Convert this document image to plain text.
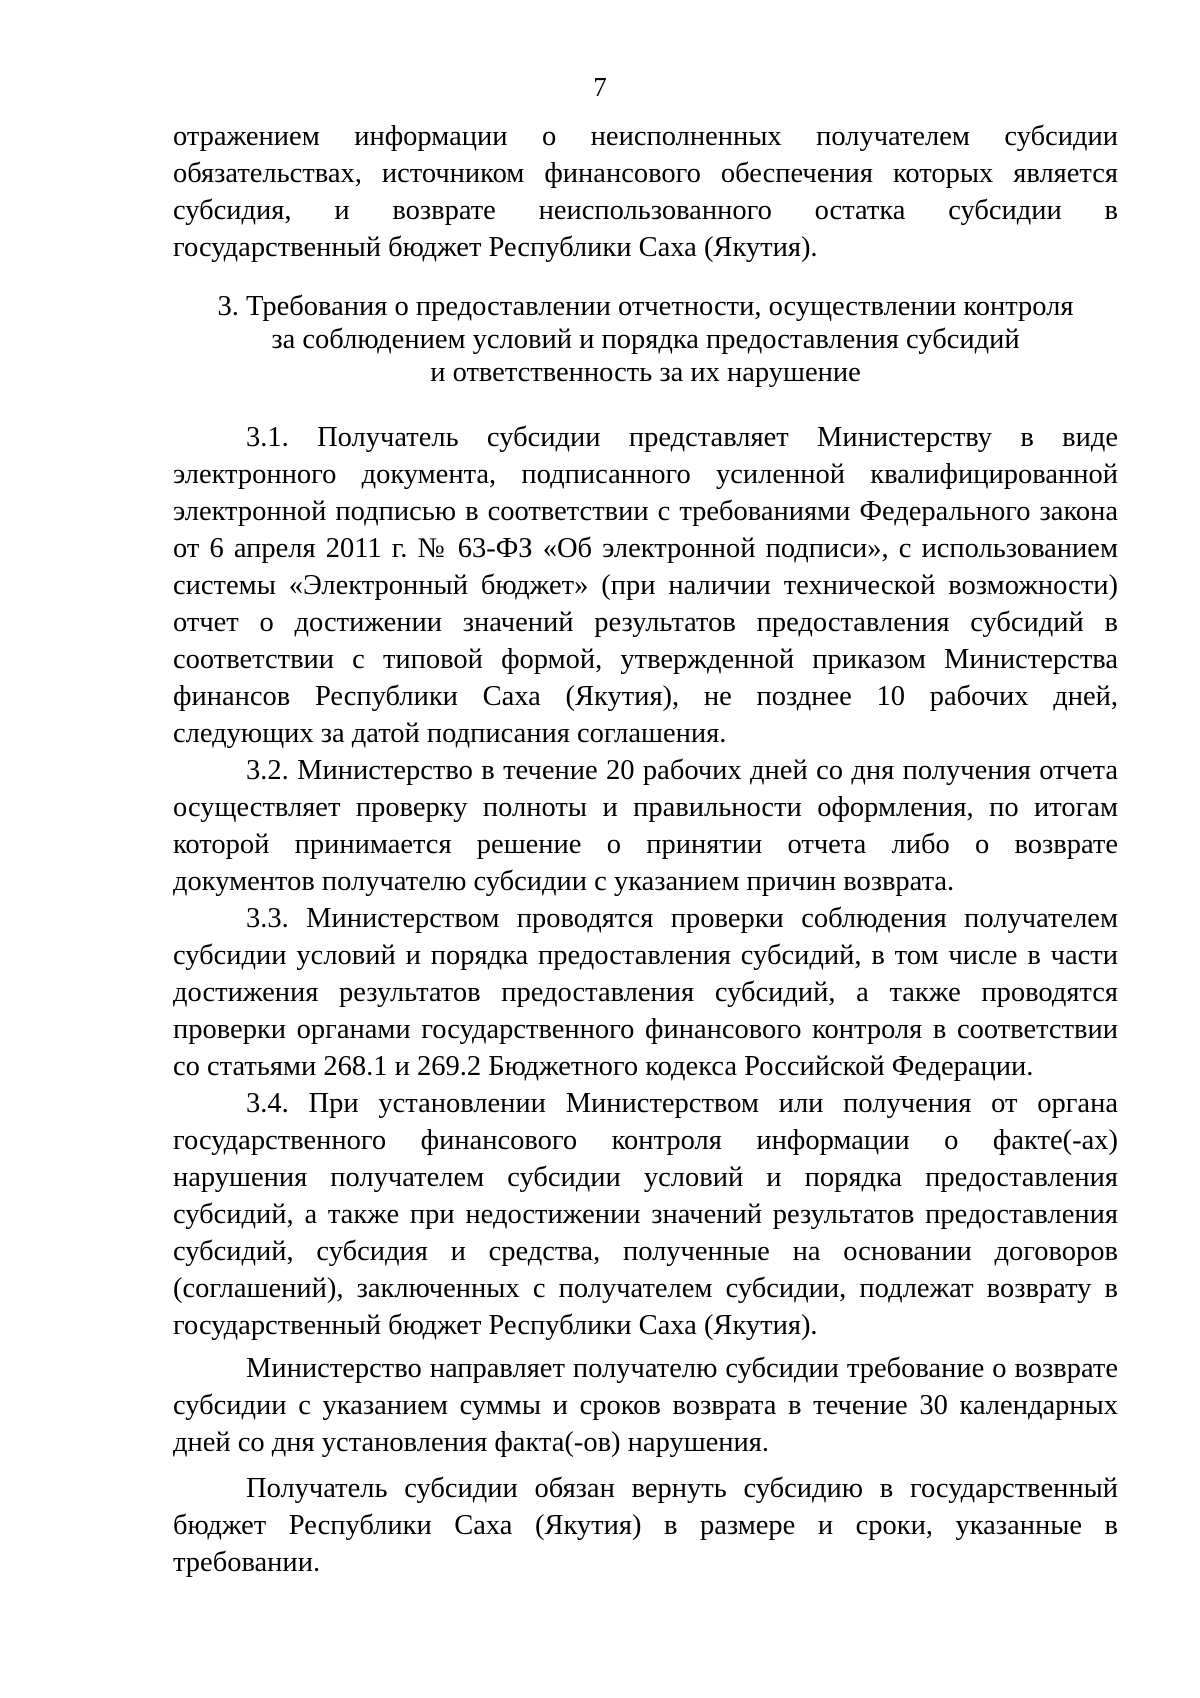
7

отражением информации о неисполненных получателем субсидии обязательствах, источником финансового обеспечения которых является субсидия, и возврате неиспользованного остатка субсидии в государственный бюджет Республики Саха (Якутия).

3. Требования о предоставлении отчетности, осуществлении контроля
за соблюдением условий и порядка предоставления субсидий
и ответственность за их нарушение

3.1. Получатель субсидии представляет Министерству в виде электронного документа, подписанного усиленной квалифицированной электронной подписью в соответствии с требованиями Федерального закона от 6 апреля 2011 г. № 63-ФЗ «Об электронной подписи», с использованием системы «Электронный бюджет» (при наличии технической возможности) отчет о достижении значений результатов предоставления субсидий в соответствии с типовой формой, утвержденной приказом Министерства финансов Республики Саха (Якутия), не позднее 10 рабочих дней, следующих за датой подписания соглашения.

3.2. Министерство в течение 20 рабочих дней со дня получения отчета осуществляет проверку полноты и правильности оформления, по итогам которой принимается решение о принятии отчета либо о возврате документов получателю субсидии с указанием причин возврата.

3.3. Министерством проводятся проверки соблюдения получателем субсидии условий и порядка предоставления субсидий, в том числе в части достижения результатов предоставления субсидий, а также проводятся проверки органами государственного финансового контроля в соответствии со статьями 268.1 и 269.2 Бюджетного кодекса Российской Федерации.

3.4. При установлении Министерством или получения от органа государственного финансового контроля информации о факте(-ах) нарушения получателем субсидии условий и порядка предоставления субсидий, а также при недостижении значений результатов предоставления субсидий, субсидия и средства, полученные на основании договоров (соглашений), заключенных с получателем субсидии, подлежат возврату в государственный бюджет Республики Саха (Якутия).

Министерство направляет получателю субсидии требование о возврате субсидии с указанием суммы и сроков возврата в течение 30 календарных дней со дня установления факта(-ов) нарушения.

Получатель субсидии обязан вернуть субсидию в государственный бюджет Республики Саха (Якутия) в размере и сроки, указанные в требовании.
